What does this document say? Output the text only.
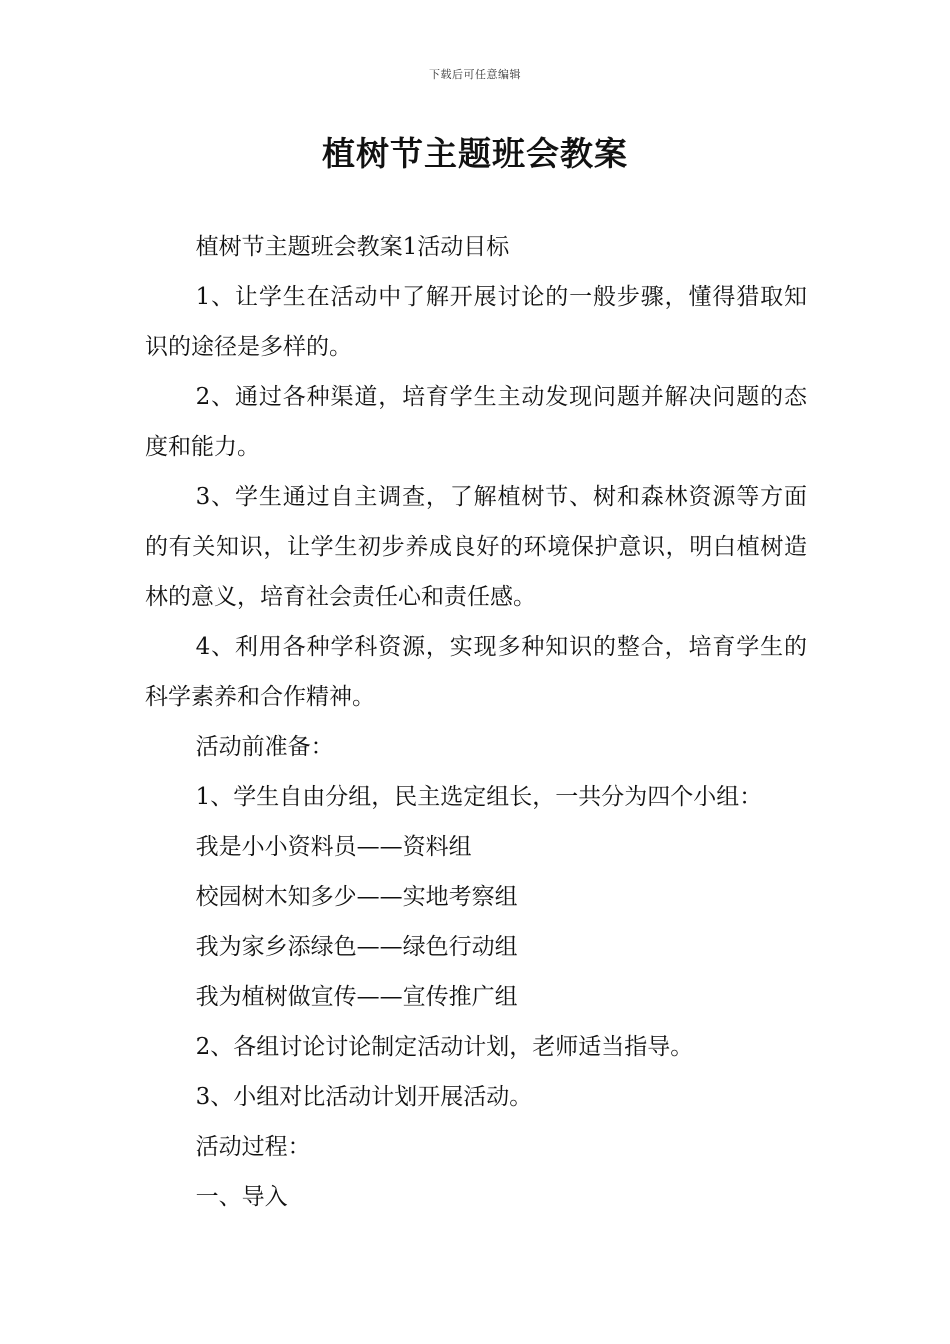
下载后可任意编辑
植树节主题班会教案

植树节主题班会教案1活动目标

1、让学生在活动中了解开展讨论的一般步骤，懂得猎取知识的途径是多样的。

2、通过各种渠道，培育学生主动发现问题并解决问题的态度和能力。

3、学生通过自主调查，了解植树节、树和森林资源等方面的有关知识，让学生初步养成良好的环境保护意识，明白植树造林的意义，培育社会责任心和责任感。

4、利用各种学科资源，实现多种知识的整合，培育学生的科学素养和合作精神。

活动前准备：

1、学生自由分组，民主选定组长，一共分为四个小组：

我是小小资料员——资料组

校园树木知多少——实地考察组

我为家乡添绿色——绿色行动组

我为植树做宣传——宣传推广组

2、各组讨论讨论制定活动计划，老师适当指导。

3、小组对比活动计划开展活动。

活动过程：

一、导入
